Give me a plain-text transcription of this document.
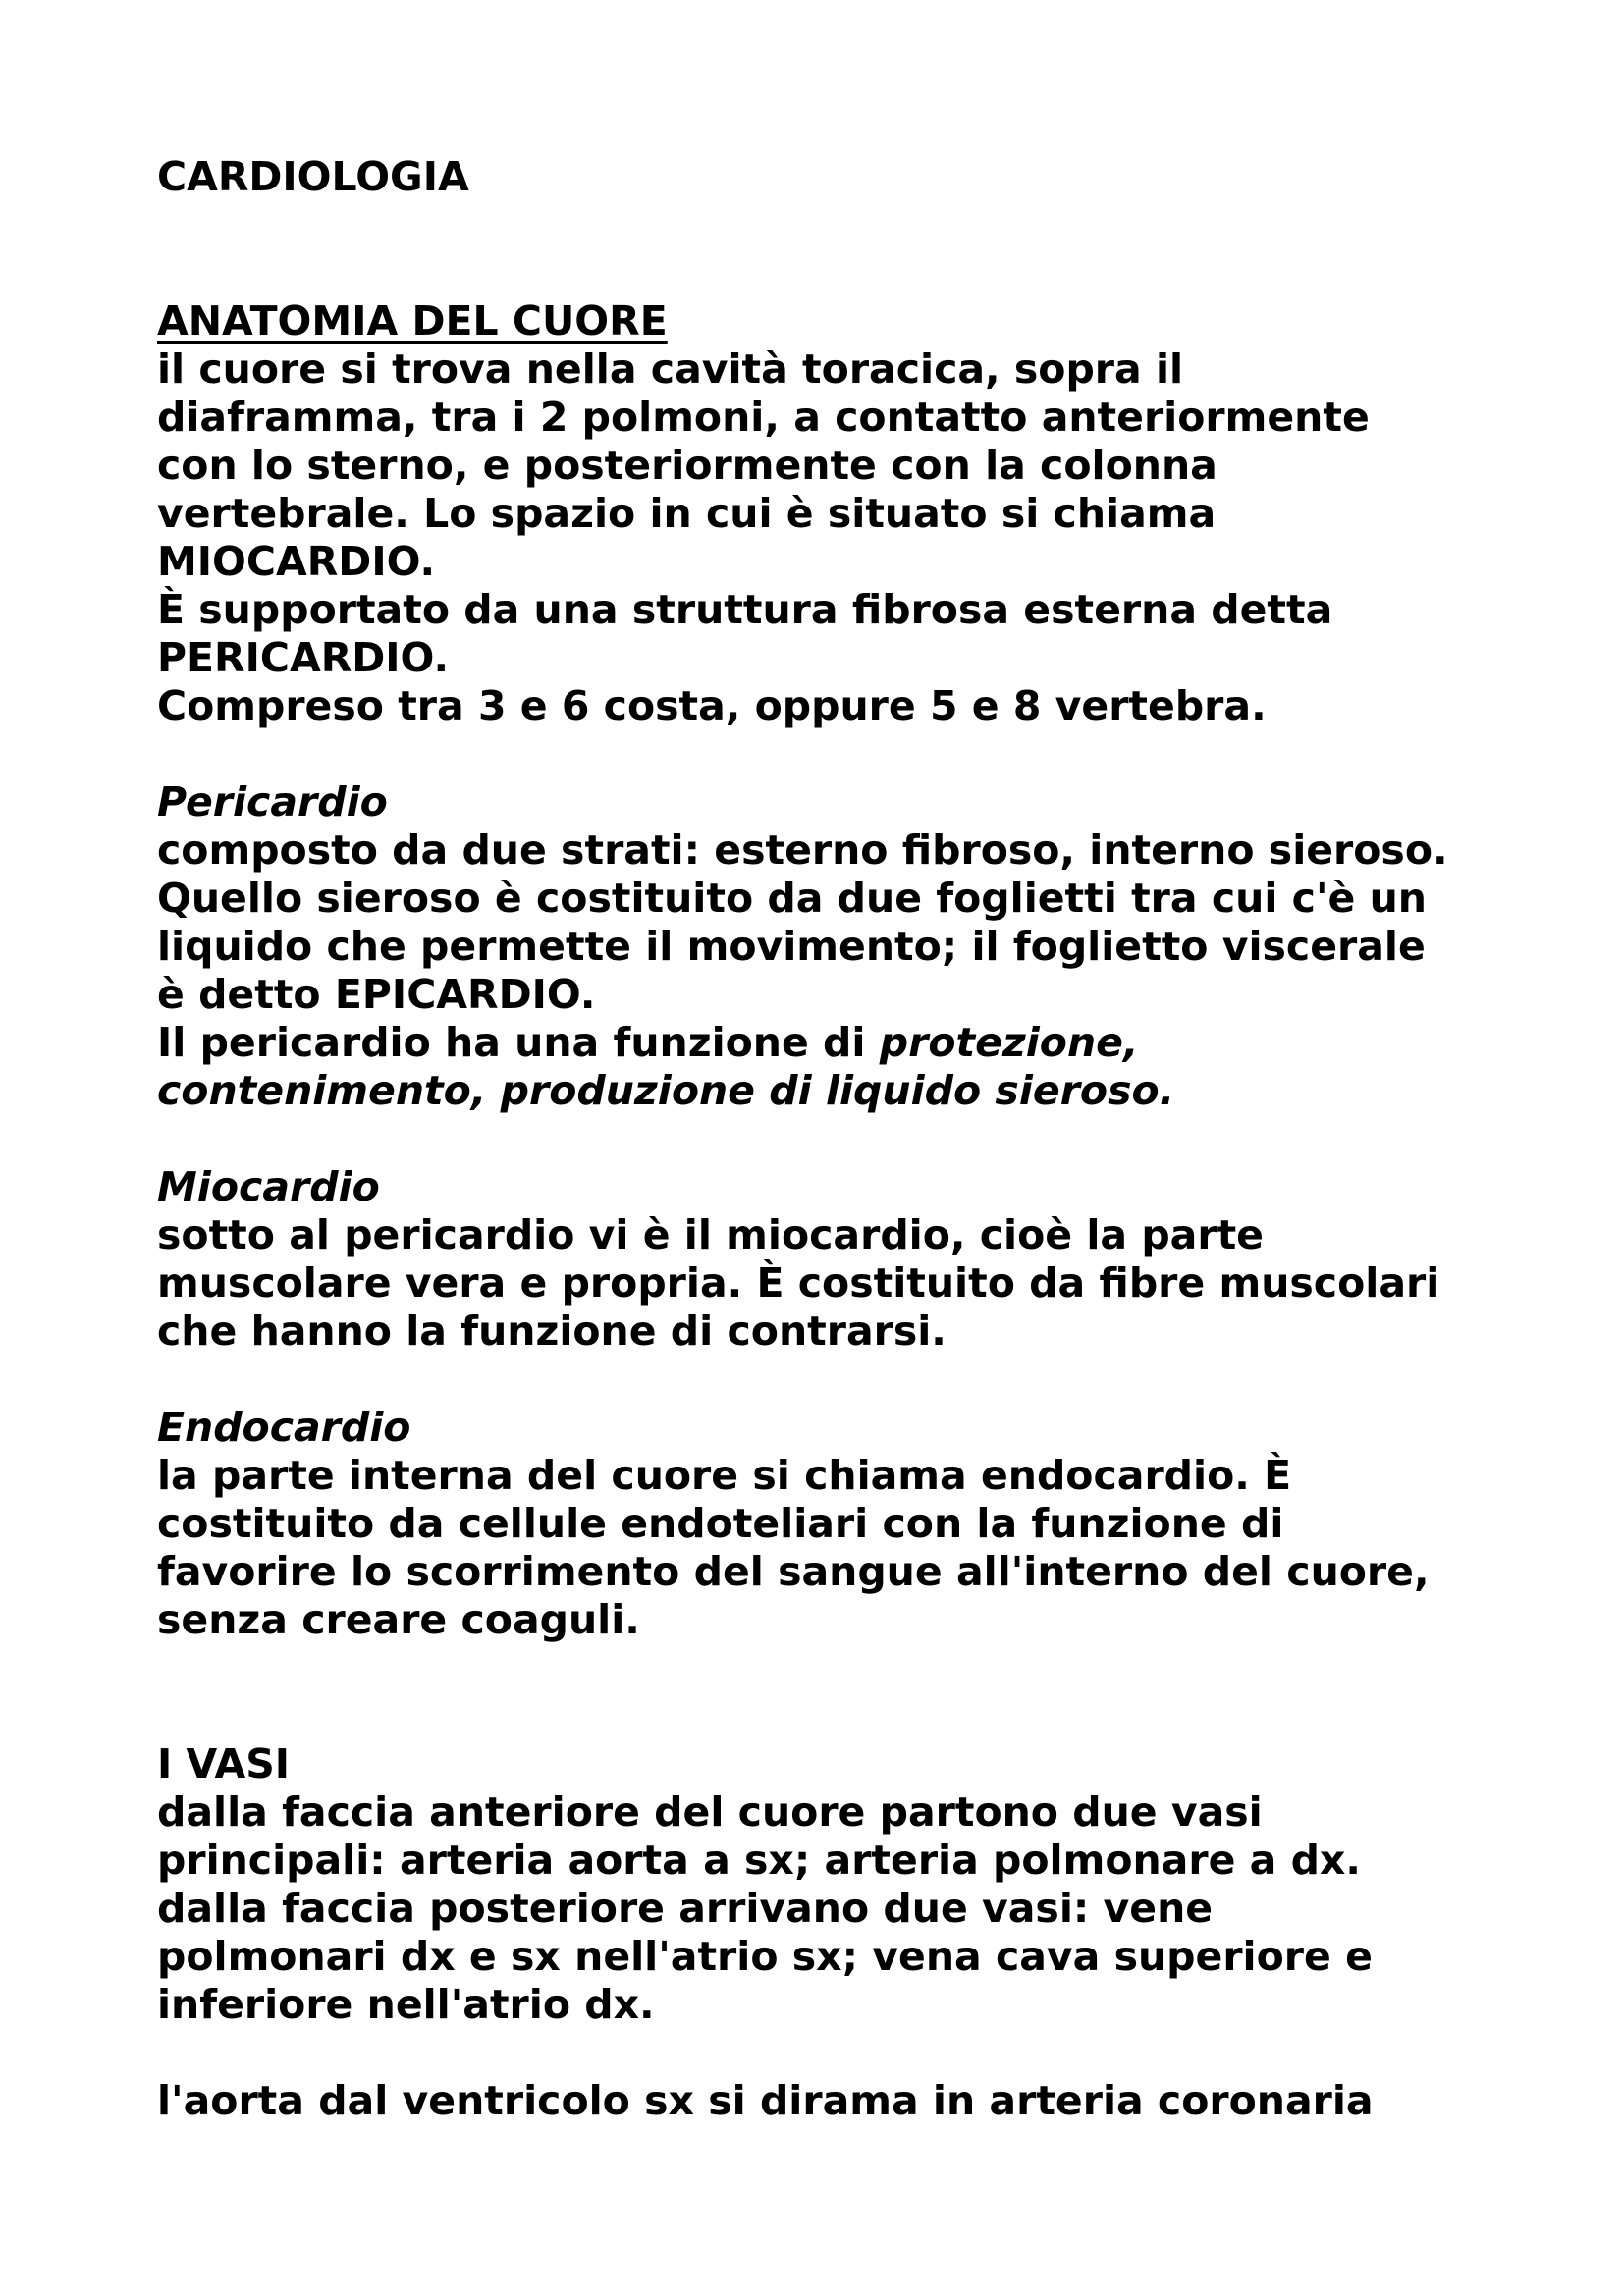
CARDIOLOGIA
ANATOMIA DEL CUORE
il cuore si trova nella cavità toracica, sopra il
diaframma, tra i 2 polmoni, a contatto anteriormente
con lo sterno, e posteriormente con la colonna
vertebrale. Lo spazio in cui è situato si chiama
MIOCARDIO.
È supportato da una struttura fibrosa esterna detta
PERICARDIO.
Compreso tra 3 e 6 costa, oppure 5 e 8 vertebra.
Pericardio
composto da due strati: esterno fibroso, interno sieroso.
Quello sieroso è costituito da due foglietti tra cui c'è un
liquido che permette il movimento; il foglietto viscerale
è detto EPICARDIO.
Il pericardio ha una funzione di protezione,
contenimento, produzione di liquido sieroso.
Miocardio
sotto al pericardio vi è il miocardio, cioè la parte
muscolare vera e propria. È costituito da fibre muscolari
che hanno la funzione di contrarsi.
Endocardio
la parte interna del cuore si chiama endocardio. È
costituito da cellule endoteliari con la funzione di
favorire lo scorrimento del sangue all'interno del cuore,
senza creare coaguli.
I VASI
dalla faccia anteriore del cuore partono due vasi
principali: arteria aorta a sx; arteria polmonare a dx.
dalla faccia posteriore arrivano due vasi: vene
polmonari dx e sx nell'atrio sx; vena cava superiore e
inferiore nell'atrio dx.
l'aorta dal ventricolo sx si dirama in arteria coronaria
